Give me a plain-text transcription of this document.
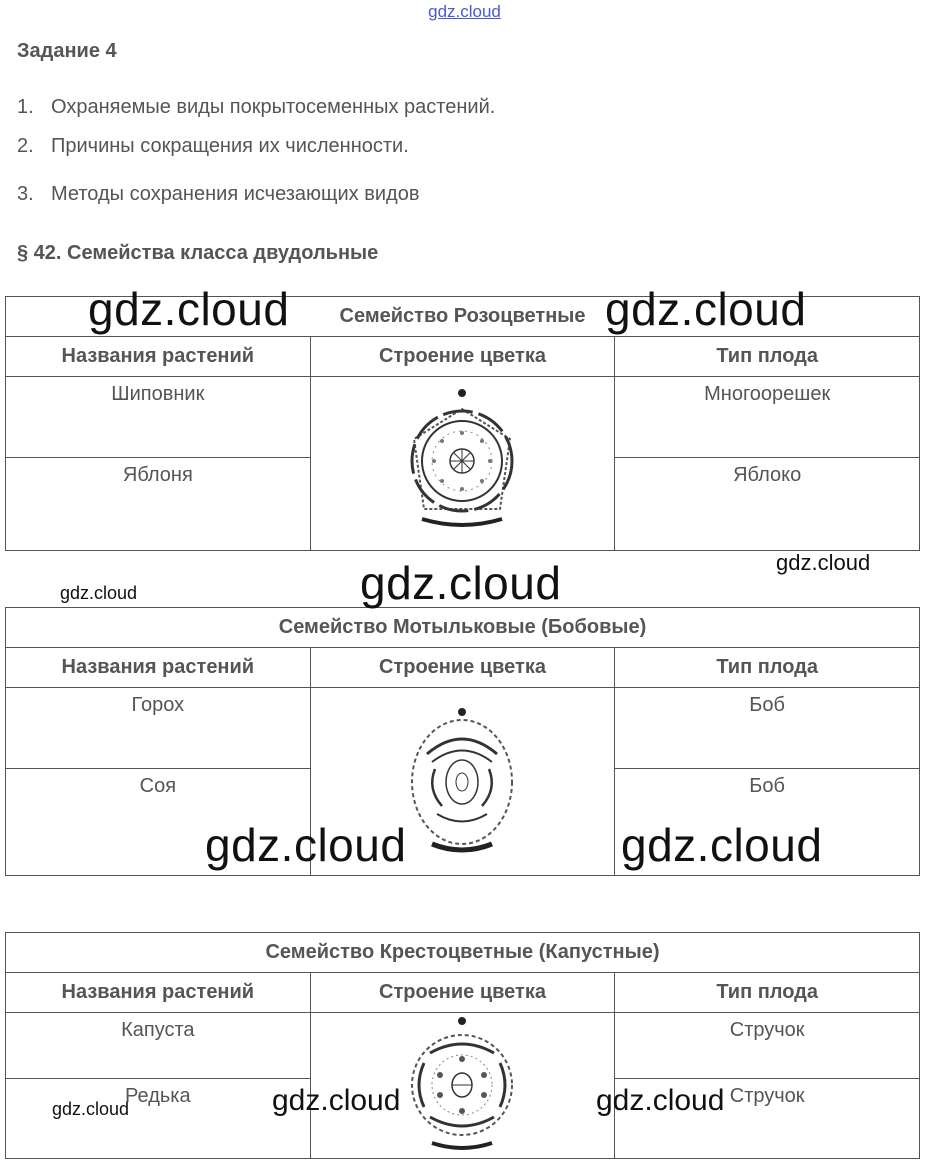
gdz.cloud
Задание 4
1. Охраняемые виды покрытосеменных растений.
2. Причины сокращения их численности.
3. Методы сохранения исчезающих видов
§ 42. Семейства класса двудольные
Семейство Розоцветные		
Названия растений	Строение цветка	Тип плода
Шиповник		Многоорешек
Яблоня		Яблоко
Семейство Мотыльковые (Бобовые)		
Названия растений	Строение цветка	Тип плода
Горох		Боб
Соя		Боб
Семейство Крестоцветные (Капустные)		
Названия растений	Строение цветка	Тип плода
Капуста		Стручок
Редька		Стручок
gdz.cloud	gdz.cloud
gdz.cloud
gdz.cloud	gdz.cloud
gdz.cloud	gdz.cloud
gdz.cloud	gdz.cloud	gdz.cloud
